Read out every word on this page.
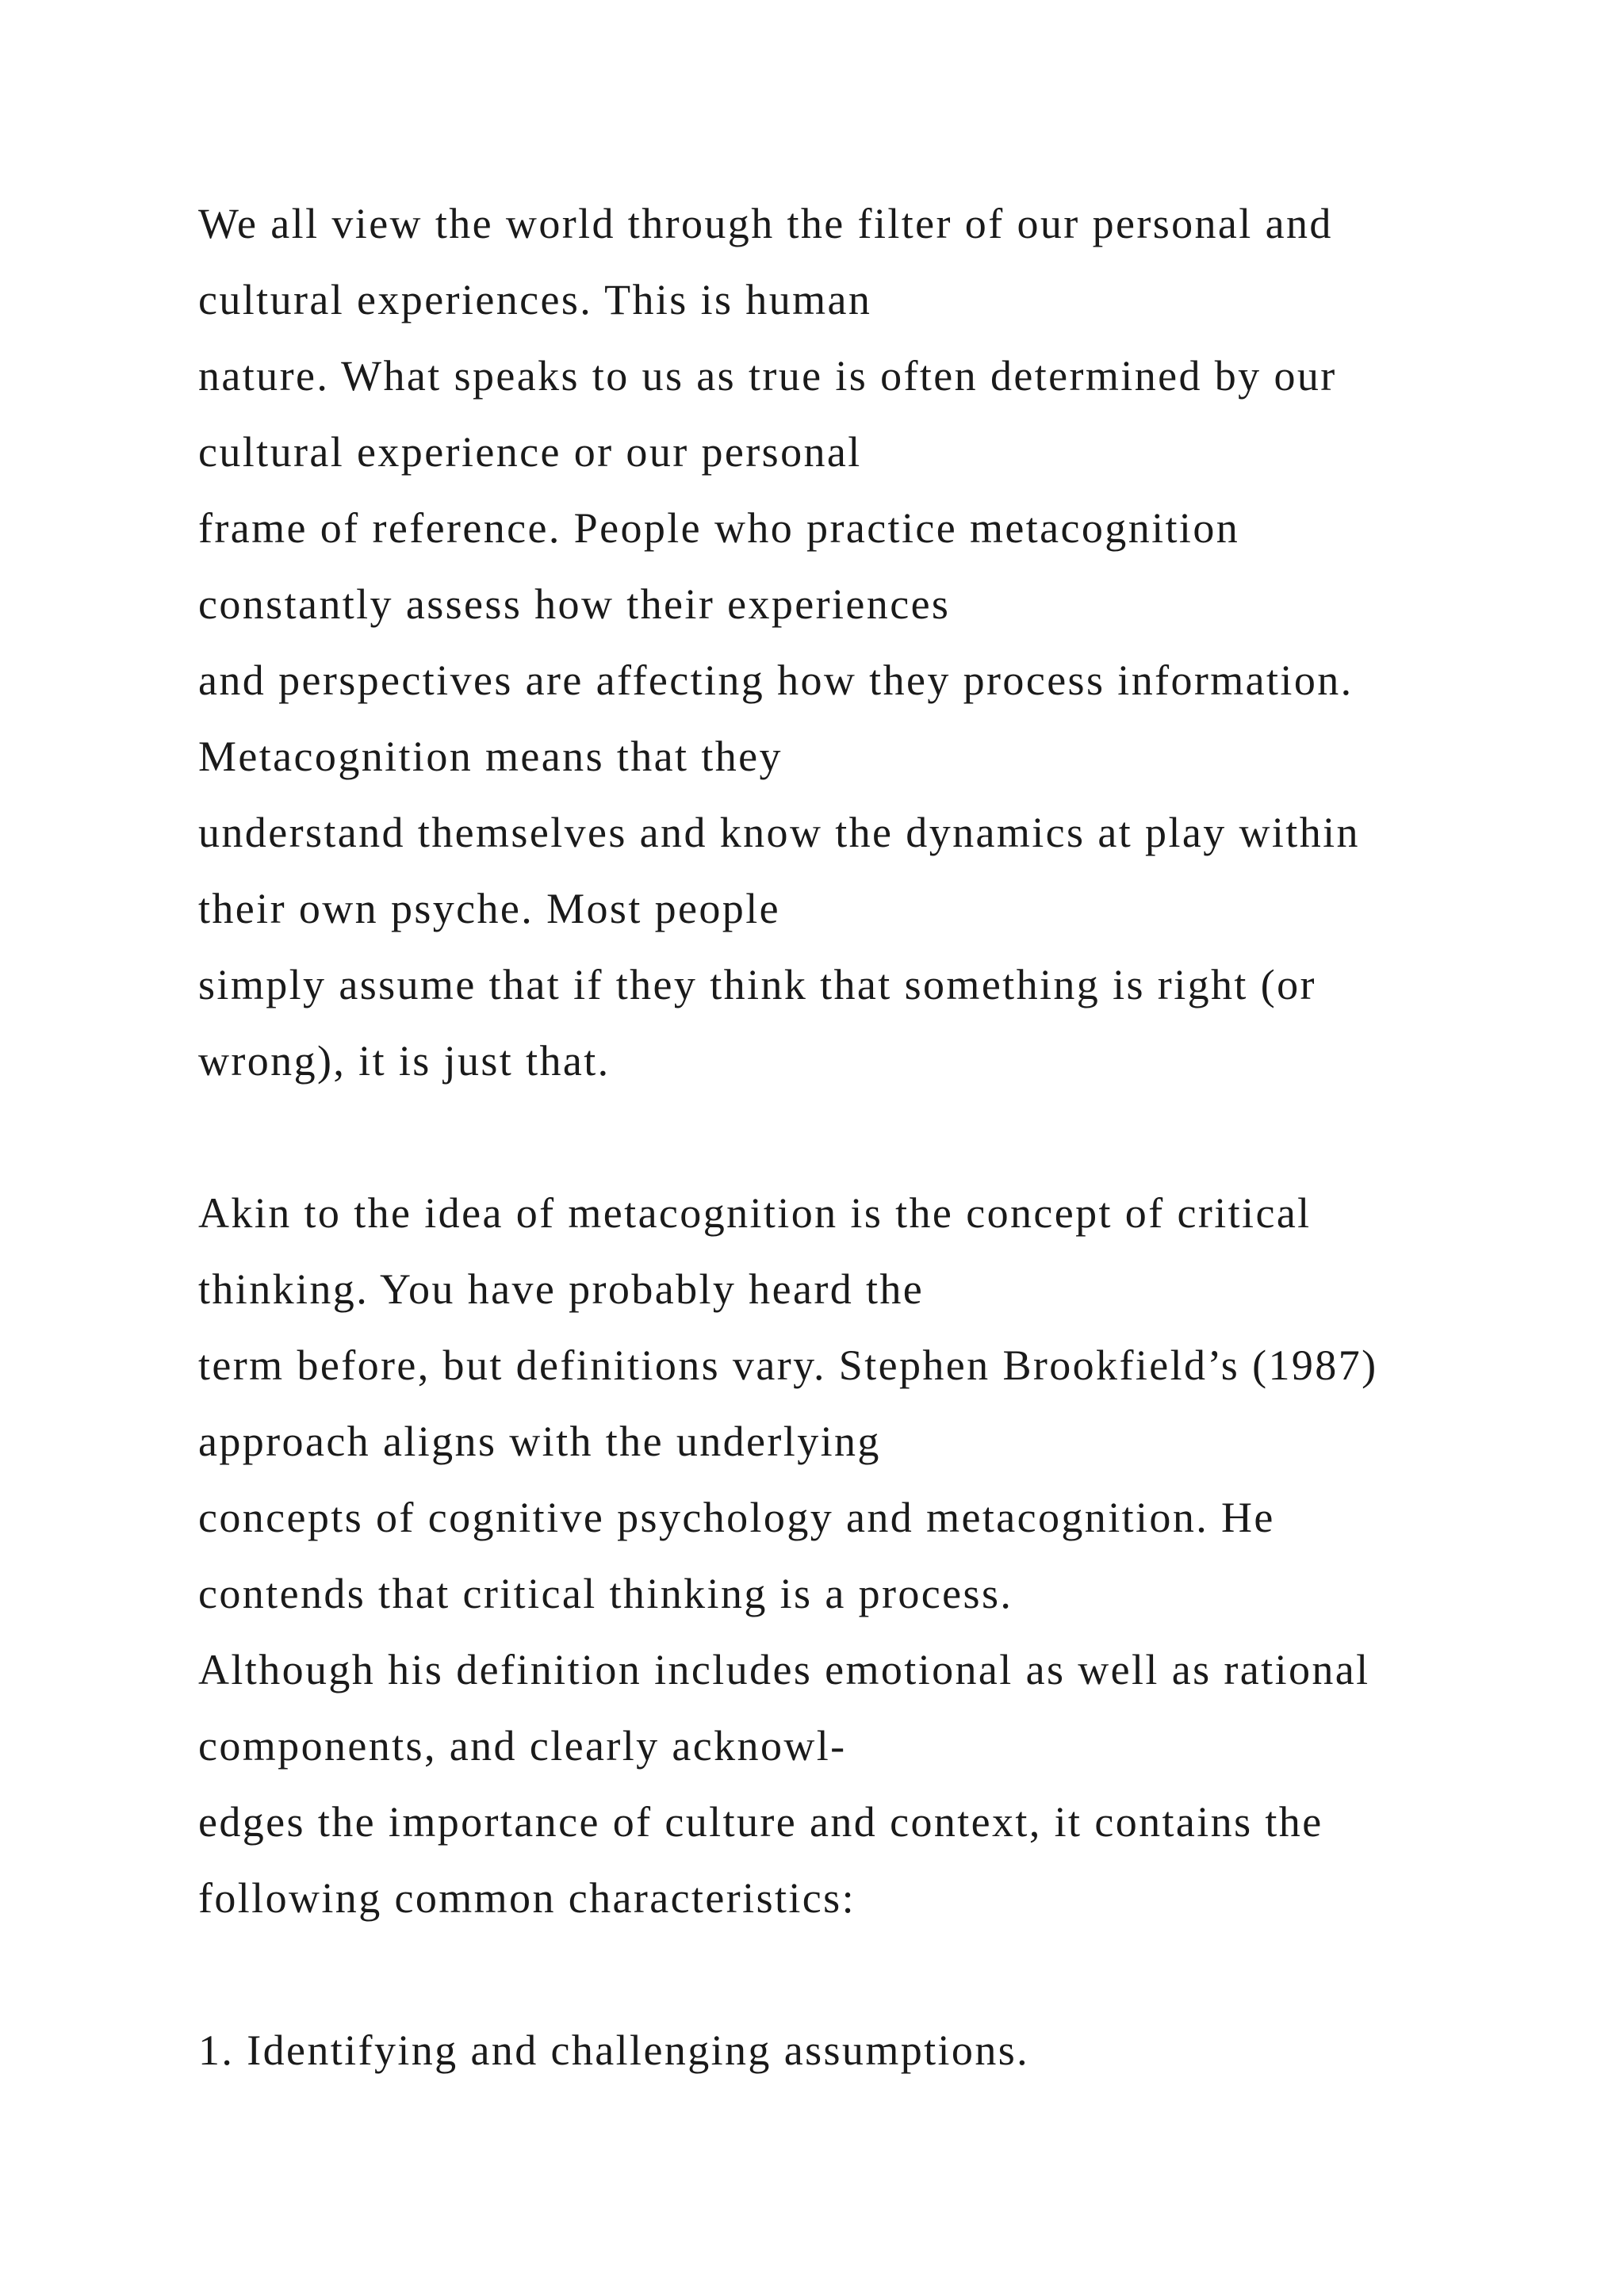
We all view the world through the filter of our personal and
cultural experiences. This is human
nature. What speaks to us as true is often determined by our
cultural experience or our personal
frame of reference. People who practice metacognition
constantly assess how their experiences
and perspectives are affecting how they process information.
Metacognition means that they
understand themselves and know the dynamics at play within
their own psyche. Most people
simply assume that if they think that something is right (or
wrong), it is just that.
Akin to the idea of metacognition is the concept of critical
thinking. You have probably heard the
term before, but definitions vary. Stephen Brookfield’s (1987)
approach aligns with the underlying
concepts of cognitive psychology and metacognition. He
contends that critical thinking is a process.
Although his definition includes emotional as well as rational
components, and clearly acknowl-
edges the importance of culture and context, it contains the
following common characteristics:
1. Identifying and challenging assumptions.
